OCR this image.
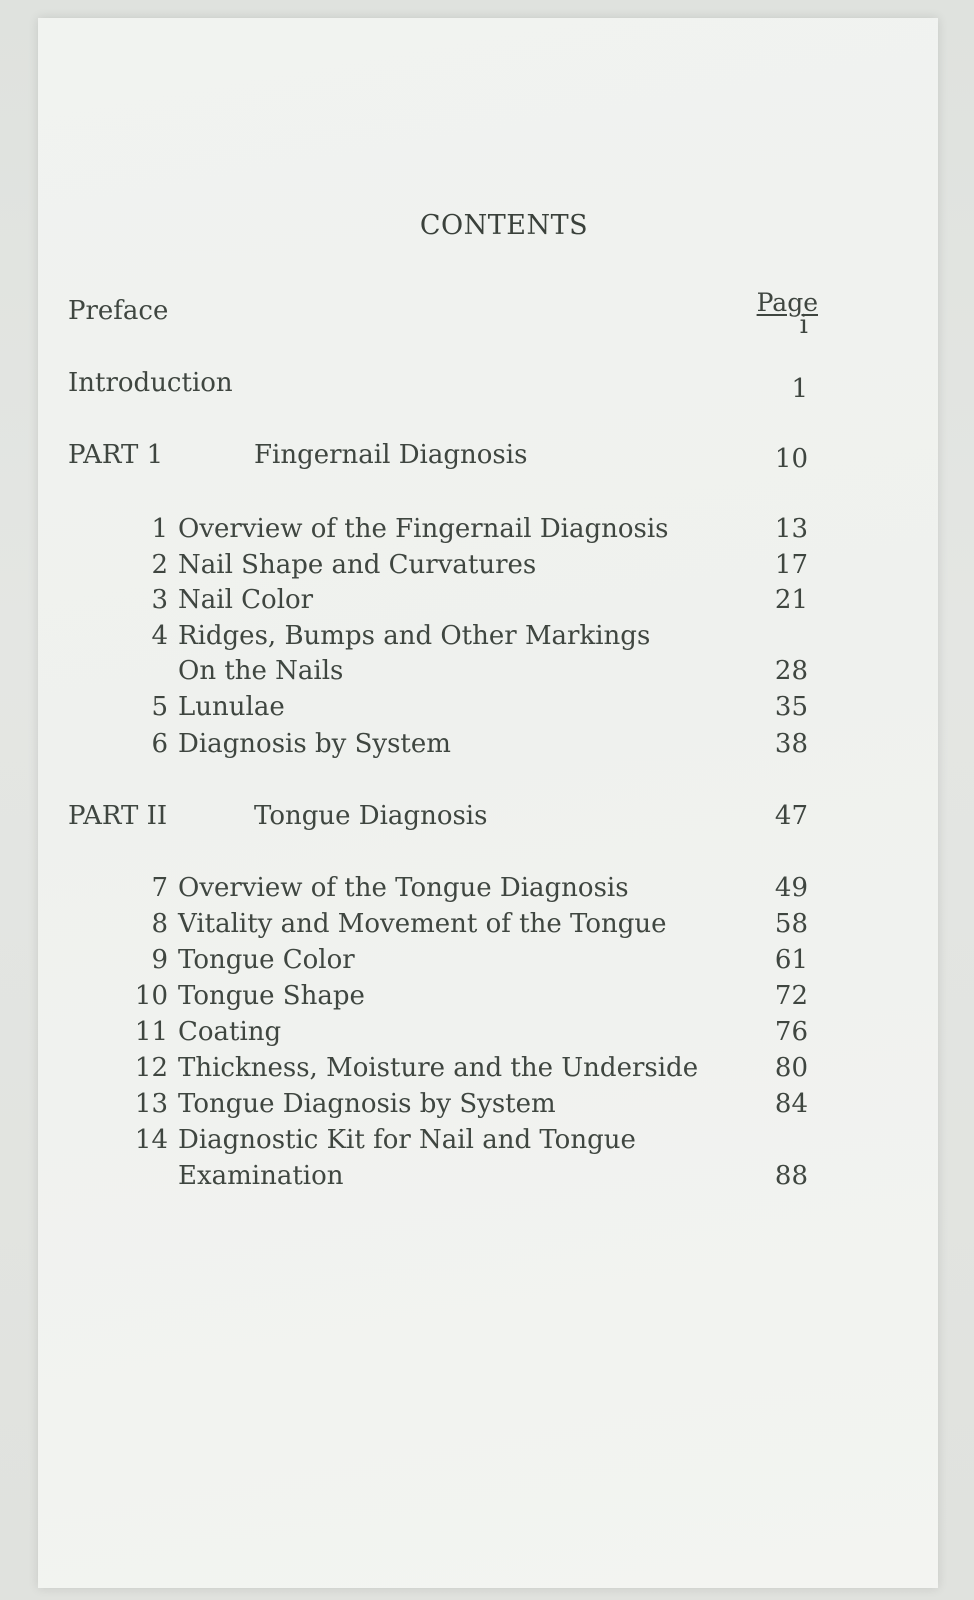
CONTENTS
Page
Preface	i
Introduction	1
PART 1	Fingernail Diagnosis	10
1 Overview of the Fingernail Diagnosis	13
2 Nail Shape and Curvatures	17
3 Nail Color	21
4 Ridges, Bumps and Other Markings
On the Nails	28
5 Lunulae	35
6 Diagnosis by System	38
PART II	Tongue Diagnosis	47
7 Overview of the Tongue Diagnosis	49
8 Vitality and Movement of the Tongue	58
9 Tongue Color	61
10 Tongue Shape	72
11 Coating	76
12 Thickness, Moisture and the Underside	80
13 Tongue Diagnosis by System	84
14 Diagnostic Kit for Nail and Tongue
Examination	88
